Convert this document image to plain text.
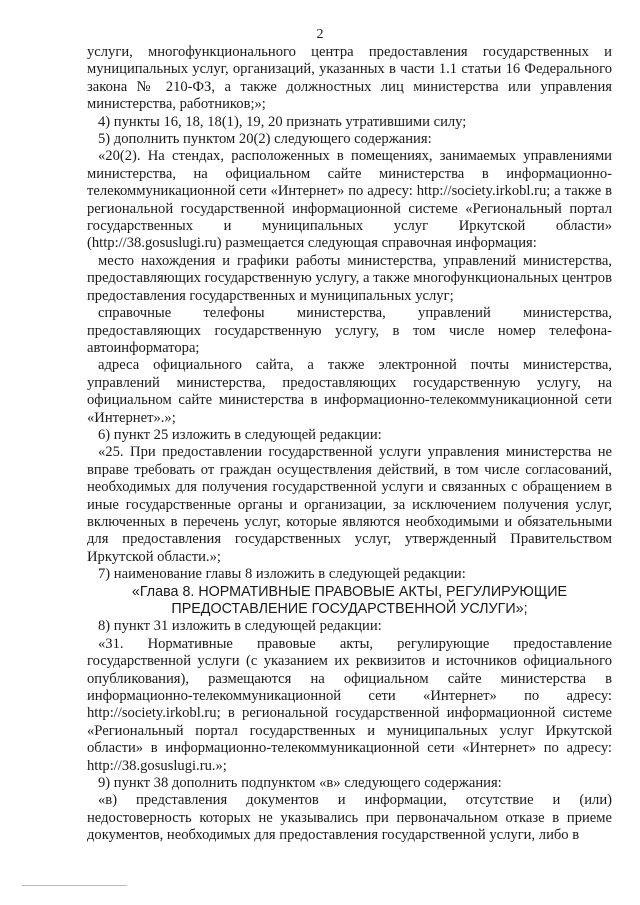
2

услуги, многофункционального центра предоставления государственных и муниципальных услуг, организаций, указанных в части 1.1 статьи 16 Федерального закона № 210-ФЗ, а также должностных лиц министерства или управления министерства, работников;»;

4) пункты 16, 18, 18(1), 19, 20 признать утратившими силу;

5) дополнить пунктом 20(2) следующего содержания:

«20(2). На стендах, расположенных в помещениях, занимаемых управлениями министерства, на официальном сайте министерства в информационно-телекоммуникационной сети «Интернет» по адресу: http://society.irkobl.ru; а также в региональной государственной информационной системе «Региональный портал государственных и муниципальных услуг Иркутской области» (http://38.gosuslugi.ru) размещается следующая справочная информация:

место нахождения и графики работы министерства, управлений министерства, предоставляющих государственную услугу, а также многофункциональных центров предоставления государственных и муниципальных услуг;

справочные телефоны министерства, управлений министерства, предоставляющих государственную услугу, в том числе номер телефона-автоинформатора;

адреса официального сайта, а также электронной почты министерства, управлений министерства, предоставляющих государственную услугу, на официальном сайте министерства в информационно-телекоммуникационной сети «Интернет».»;

6) пункт 25 изложить в следующей редакции:

«25. При предоставлении государственной услуги управления министерства не вправе требовать от граждан осуществления действий, в том числе согласований, необходимых для получения государственной услуги и связанных с обращением в иные государственные органы и организации, за исключением получения услуг, включенных в перечень услуг, которые являются необходимыми и обязательными для предоставления государственных услуг, утвержденный Правительством Иркутской области.»;

7) наименование главы 8 изложить в следующей редакции:

«Глава 8. НОРМАТИВНЫЕ ПРАВОВЫЕ АКТЫ, РЕГУЛИРУЮЩИЕ ПРЕДОСТАВЛЕНИЕ ГОСУДАРСТВЕННОЙ УСЛУГИ»;

8) пункт 31 изложить в следующей редакции:

«31. Нормативные правовые акты, регулирующие предоставление государственной услуги (с указанием их реквизитов и источников официального опубликования), размещаются на официальном сайте министерства в информационно-телекоммуникационной сети «Интернет» по адресу: http://society.irkobl.ru; в региональной государственной информационной системе «Региональный портал государственных и муниципальных услуг Иркутской области» в информационно-телекоммуникационной сети «Интернет» по адресу: http://38.gosuslugi.ru.»;

9) пункт 38 дополнить подпунктом «в» следующего содержания:

«в) представления документов и информации, отсутствие и (или) недостоверность которых не указывались при первоначальном отказе в приеме документов, необходимых для предоставления государственной услуги, либо в
